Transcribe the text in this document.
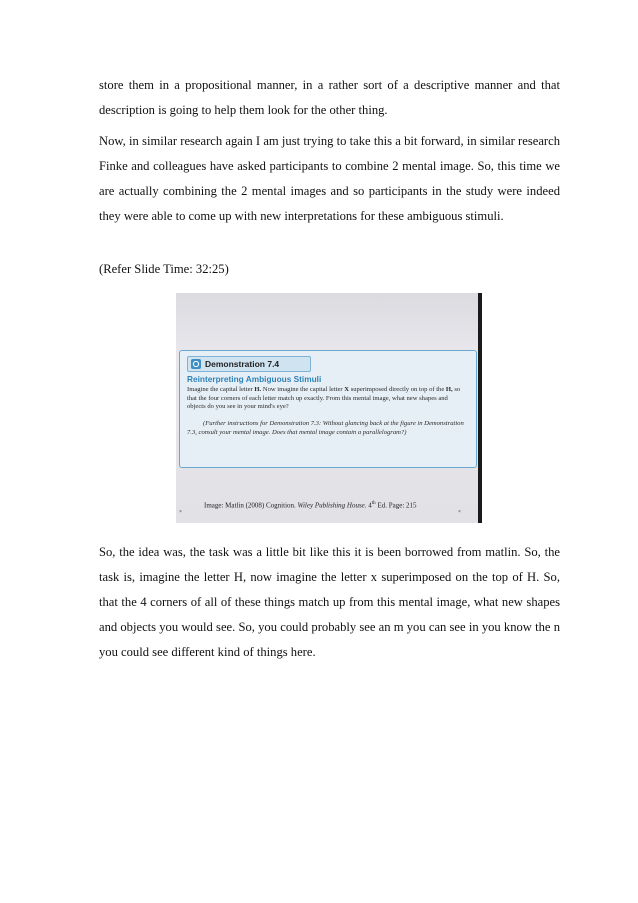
store them in a propositional manner, in a rather sort of a descriptive manner and that description is going to help them look for the other thing.

Now, in similar research again I am just trying to take this a bit forward, in similar research Finke and colleagues have asked participants to combine 2 mental image. So, this time we are actually combining the 2 mental images and so participants in the study were indeed they were able to come up with new interpretations for these ambiguous stimuli.

(Refer Slide Time: 32:25)

Demonstration 7.4
Reinterpreting Ambiguous Stimuli

Imagine the capital letter H. Now imagine the capital letter X superimposed directly on top of the H, so that the four corners of each letter match up exactly. From this mental image, what new shapes and objects do you see in your mind's eye?

(Further instructions for Demonstration 7.3: Without glancing back at the figure in Demonstration 7.3, consult your mental image. Does that mental image contain a parallelogram?)

Image: Matlin (2008) Cognition. Wiley Publishing House. 4th Ed. Page: 215
*	*

So, the idea was, the task was a little bit like this it is been borrowed from matlin. So, the task is, imagine the letter H, now imagine the letter x superimposed on the top of H. So, that the 4 corners of all of these things match up from this mental image, what new shapes and objects you would see. So, you could probably see an m you can see in you know the n you could see different kind of things here.
